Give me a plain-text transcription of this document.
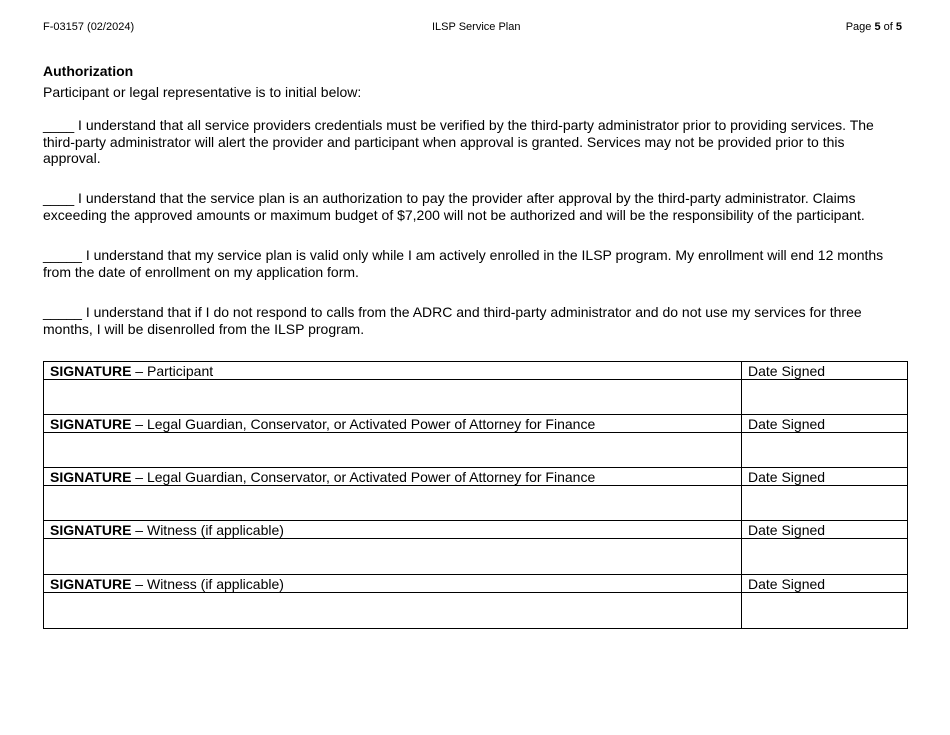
F-03157 (02/2024)	ILSP Service Plan	Page 5 of 5
Authorization
Participant or legal representative is to initial below:
____ I understand that all service providers credentials must be verified by the third-party administrator prior to providing services. The third-party administrator will alert the provider and participant when approval is granted. Services may not be provided prior to this approval.
____ I understand that the service plan is an authorization to pay the provider after approval by the third-party administrator. Claims exceeding the approved amounts or maximum budget of $7,200 will not be authorized and will be the responsibility of the participant.
_____ I understand that my service plan is valid only while I am actively enrolled in the ILSP program. My enrollment will end 12 months from the date of enrollment on my application form.
_____ I understand that if I do not respond to calls from the ADRC and third-party administrator and do not use my services for three months, I will be disenrolled from the ILSP program.
SIGNATURE – Participant	Date Signed

SIGNATURE – Legal Guardian, Conservator, or Activated Power of Attorney for Finance	Date Signed

SIGNATURE – Legal Guardian, Conservator, or Activated Power of Attorney for Finance	Date Signed

SIGNATURE – Witness (if applicable)	Date Signed

SIGNATURE – Witness (if applicable)	Date Signed
